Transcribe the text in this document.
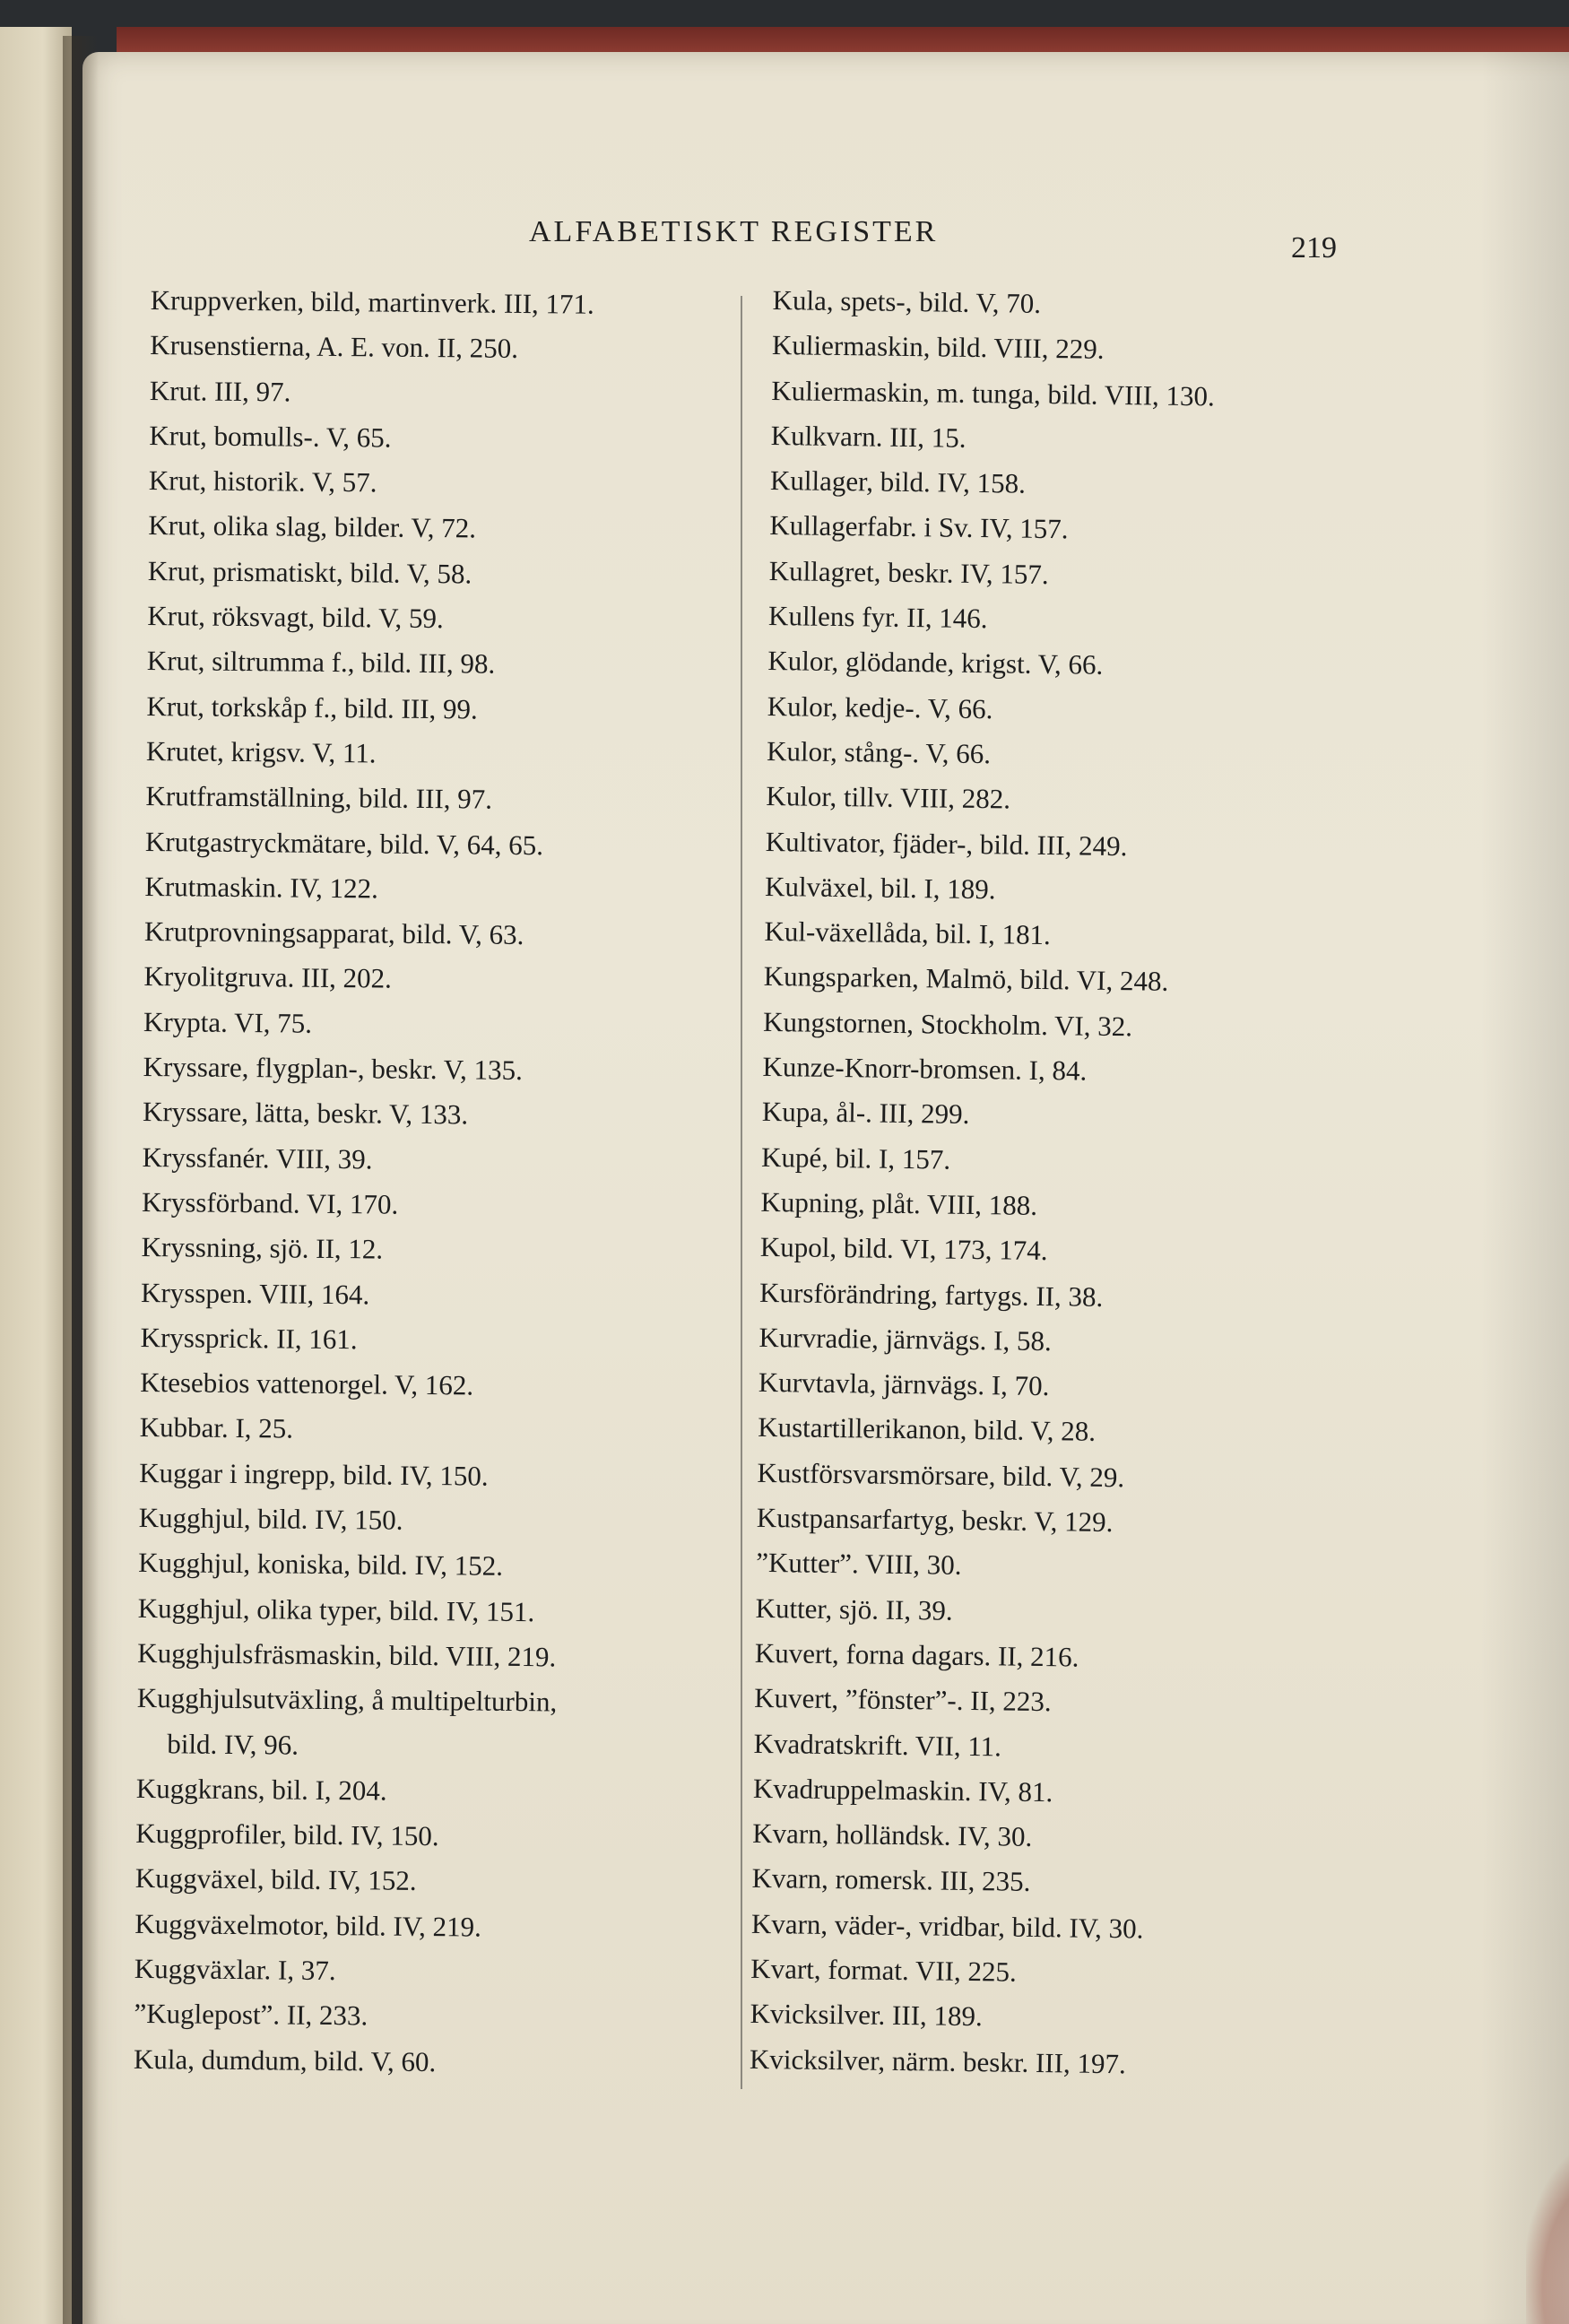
ALFABETISKT REGISTER	219
Kruppverken, bild, martinverk. III, 171.
Krusenstierna, A. E. von. II, 250.
Krut. III, 97.
Krut, bomulls-. V, 65.
Krut, historik. V, 57.
Krut, olika slag, bilder. V, 72.
Krut, prismatiskt, bild. V, 58.
Krut, röksvagt, bild. V, 59.
Krut, siltrumma f., bild. III, 98.
Krut, torkskåp f., bild. III, 99.
Krutet, krigsv. V, 11.
Krutframställning, bild. III, 97.
Krutgastryckmätare, bild. V, 64, 65.
Krutmaskin. IV, 122.
Krutprovningsapparat, bild. V, 63.
Kryolitgruva. III, 202.
Krypta. VI, 75.
Kryssare, flygplan-, beskr. V, 135.
Kryssare, lätta, beskr. V, 133.
Kryssfanér. VIII, 39.
Kryssförband. VI, 170.
Kryssning, sjö. II, 12.
Krysspen. VIII, 164.
Kryssprick. II, 161.
Ktesebios vattenorgel. V, 162.
Kubbar. I, 25.
Kuggar i ingrepp, bild. IV, 150.
Kugghjul, bild. IV, 150.
Kugghjul, koniska, bild. IV, 152.
Kugghjul, olika typer, bild. IV, 151.
Kugghjulsfräsmaskin, bild. VIII, 219.
Kugghjulsutväxling, å multipelturbin,
bild. IV, 96.
Kuggkrans, bil. I, 204.
Kuggprofiler, bild. IV, 150.
Kuggväxel, bild. IV, 152.
Kuggväxelmotor, bild. IV, 219.
Kuggväxlar. I, 37.
”Kuglepost”. II, 233.
Kula, dumdum, bild. V, 60.
Kula, spets-, bild. V, 70.
Kuliermaskin, bild. VIII, 229.
Kuliermaskin, m. tunga, bild. VIII, 130.
Kulkvarn. III, 15.
Kullager, bild. IV, 158.
Kullagerfabr. i Sv. IV, 157.
Kullagret, beskr. IV, 157.
Kullens fyr. II, 146.
Kulor, glödande, krigst. V, 66.
Kulor, kedje-. V, 66.
Kulor, stång-. V, 66.
Kulor, tillv. VIII, 282.
Kultivator, fjäder-, bild. III, 249.
Kulväxel, bil. I, 189.
Kul-växellåda, bil. I, 181.
Kungsparken, Malmö, bild. VI, 248.
Kungstornen, Stockholm. VI, 32.
Kunze-Knorr-bromsen. I, 84.
Kupa, ål-. III, 299.
Kupé, bil. I, 157.
Kupning, plåt. VIII, 188.
Kupol, bild. VI, 173, 174.
Kursförändring, fartygs. II, 38.
Kurvradie, järnvägs. I, 58.
Kurvtavla, järnvägs. I, 70.
Kustartillerikanon, bild. V, 28.
Kustförsvarsmörsare, bild. V, 29.
Kustpansarfartyg, beskr. V, 129.
”Kutter”. VIII, 30.
Kutter, sjö. II, 39.
Kuvert, forna dagars. II, 216.
Kuvert, ”fönster”-. II, 223.
Kvadratskrift. VII, 11.
Kvadruppelmaskin. IV, 81.
Kvarn, holländsk. IV, 30.
Kvarn, romersk. III, 235.
Kvarn, väder-, vridbar, bild. IV, 30.
Kvart, format. VII, 225.
Kvicksilver. III, 189.
Kvicksilver, närm. beskr. III, 197.
